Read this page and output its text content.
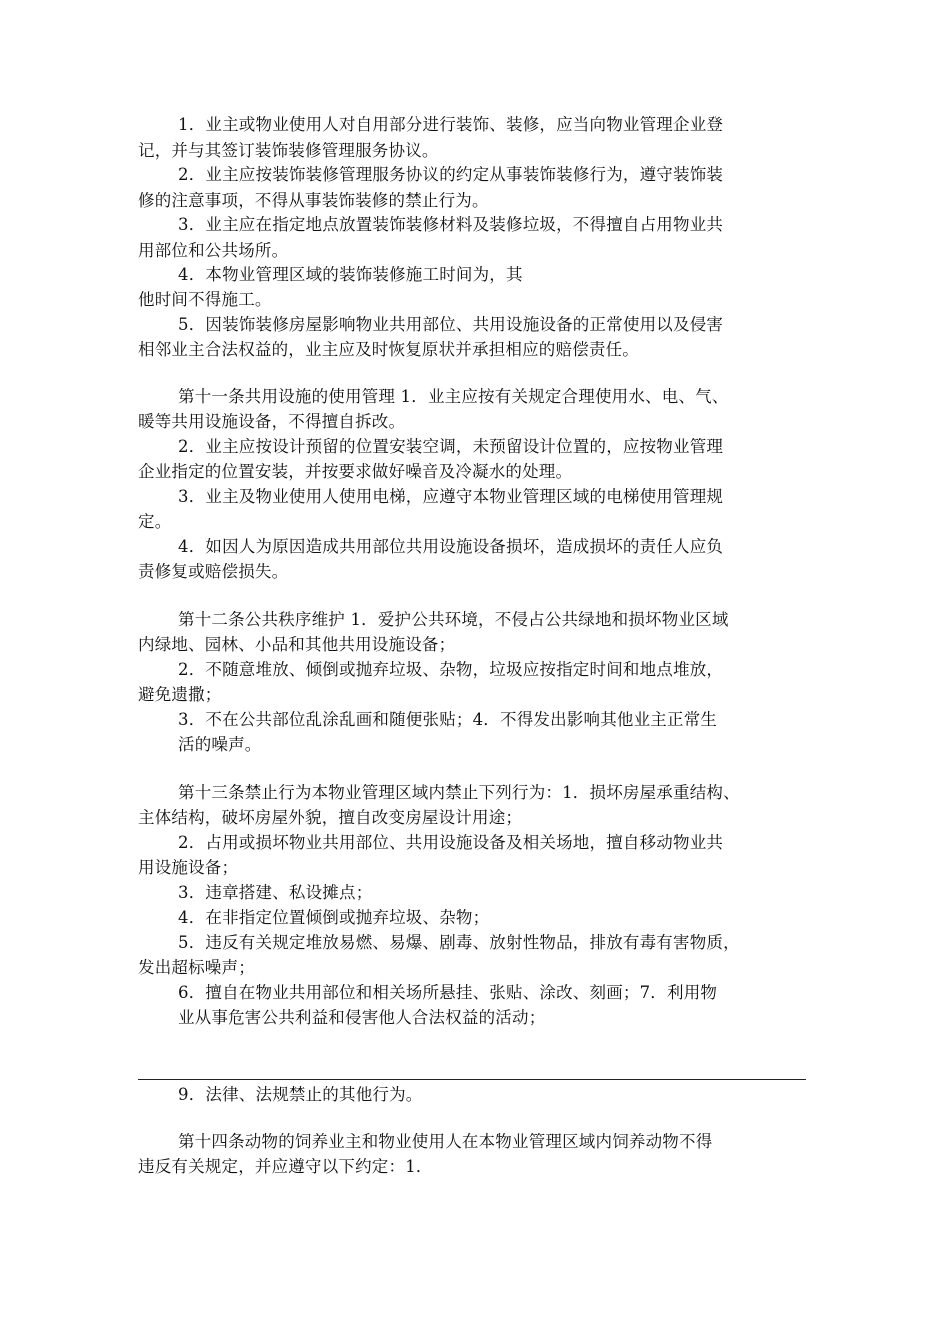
1．业主或物业使用人对自用部分进行装饰、装修，应当向物业管理企业登
记，并与其签订装饰装修管理服务协议。
2．业主应按装饰装修管理服务协议的约定从事装饰装修行为，遵守装饰装
修的注意事项，不得从事装饰装修的禁止行为。
3．业主应在指定地点放置装饰装修材料及装修垃圾，不得擅自占用物业共
用部位和公共场所。
4．本物业管理区域的装饰装修施工时间为，其
他时间不得施工。
5．因装饰装修房屋影响物业共用部位、共用设施设备的正常使用以及侵害
相邻业主合法权益的，业主应及时恢复原状并承担相应的赔偿责任。
第十一条共用设施的使用管理 1．业主应按有关规定合理使用水、电、气、
暖等共用设施设备，不得擅自拆改。
2．业主应按设计预留的位置安装空调，未预留设计位置的，应按物业管理
企业指定的位置安装，并按要求做好噪音及冷凝水的处理。
3．业主及物业使用人使用电梯，应遵守本物业管理区域的电梯使用管理规
定。
4．如因人为原因造成共用部位共用设施设备损坏，造成损坏的责任人应负
责修复或赔偿损失。
第十二条公共秩序维护 1．爱护公共环境，不侵占公共绿地和损坏物业区域
内绿地、园林、小品和其他共用设施设备；
2．不随意堆放、倾倒或抛弃垃圾、杂物，垃圾应按指定时间和地点堆放，
避免遗撒；
3．不在公共部位乱涂乱画和随便张贴；4．不得发出影响其他业主正常生
活的噪声。
第十三条禁止行为本物业管理区域内禁止下列行为：1．损坏房屋承重结构、
主体结构，破坏房屋外貌，擅自改变房屋设计用途；
2．占用或损坏物业共用部位、共用设施设备及相关场地，擅自移动物业共
用设施设备；
3．违章搭建、私设摊点；
4．在非指定位置倾倒或抛弃垃圾、杂物；
5．违反有关规定堆放易燃、易爆、剧毒、放射性物品，排放有毒有害物质，
发出超标噪声；
6．擅自在物业共用部位和相关场所悬挂、张贴、涂改、刻画；7．利用物
业从事危害公共利益和侵害他人合法权益的活动；
9．法律、法规禁止的其他行为。
第十四条动物的饲养业主和物业使用人在本物业管理区域内饲养动物不得
违反有关规定，并应遵守以下约定：1．
